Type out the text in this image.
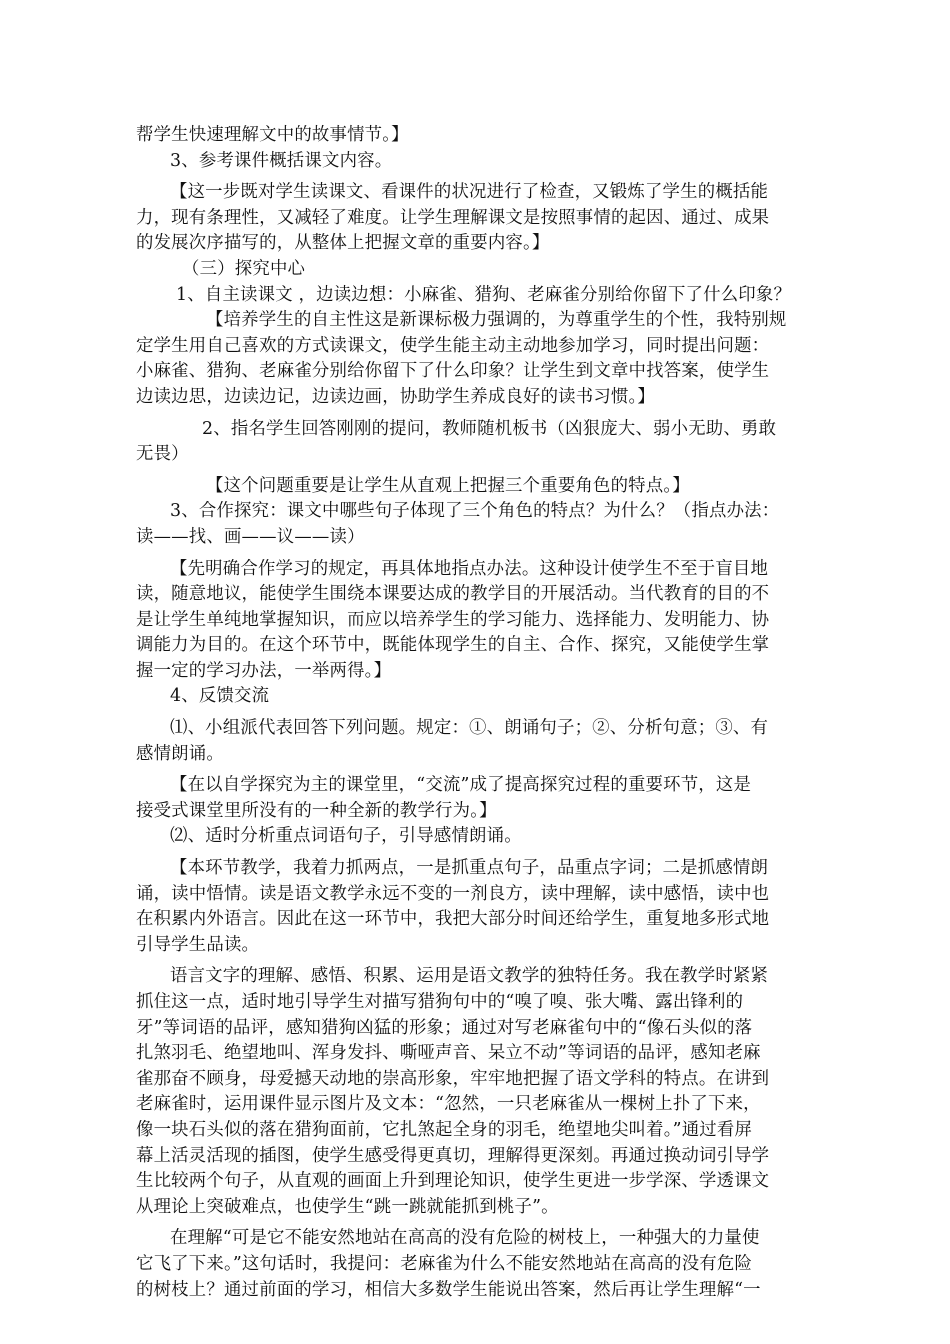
帮学生快速理解文中的故事情节。】
3、参考课件概括课文内容。
【这一步既对学生读课文、看课件的状况进行了检查，又锻炼了学生的概括能
力，现有条理性，又减轻了难度。让学生理解课文是按照事情的起因、通过、成果
的发展次序描写的，从整体上把握文章的重要内容。】
（三）探究中心
1、自主读课文 ，边读边想：小麻雀、猎狗、老麻雀分别给你留下了什么印象？
【培养学生的自主性这是新课标极力强调的，为尊重学生的个性，我特别规
定学生用自己喜欢的方式读课文，使学生能主动主动地参加学习，同时提出问题：
小麻雀、猎狗、老麻雀分别给你留下了什么印象？让学生到文章中找答案，使学生
边读边思，边读边记，边读边画，协助学生养成良好的读书习惯。】
2、指名学生回答刚刚的提问，教师随机板书（凶狠庞大、弱小无助、勇敢
无畏）
【这个问题重要是让学生从直观上把握三个重要角色的特点。】
3、合作探究：课文中哪些句子体现了三个角色的特点？为什么？（指点办法：
读——找、画——议——读）
【先明确合作学习的规定，再具体地指点办法。这种设计使学生不至于盲目地
读，随意地议，能使学生围绕本课要达成的教学目的开展活动。当代教育的目的不
是让学生单纯地掌握知识，而应以培养学生的学习能力、选择能力、发明能力、协
调能力为目的。在这个环节中，既能体现学生的自主、合作、探究，又能使学生掌
握一定的学习办法，一举两得。】
4、反馈交流
⑴、小组派代表回答下列问题。规定：①、朗诵句子；②、分析句意；③、有
感情朗诵。
【在以自学探究为主的课堂里，“交流”成了提高探究过程的重要环节，这是
接受式课堂里所没有的一种全新的教学行为。】
⑵、适时分析重点词语句子，引导感情朗诵。
【本环节教学，我着力抓两点，一是抓重点句子，品重点字词；二是抓感情朗
诵，读中悟情。读是语文教学永远不变的一剂良方，读中理解，读中感悟，读中也
在积累内外语言。因此在这一环节中，我把大部分时间还给学生，重复地多形式地
引导学生品读。
语言文字的理解、感悟、积累、运用是语文教学的独特任务。我在教学时紧紧
抓住这一点，适时地引导学生对描写猎狗句中的“嗅了嗅、张大嘴、露出锋利的
牙”等词语的品评，感知猎狗凶猛的形象；通过对写老麻雀句中的“像石头似的落
扎煞羽毛、绝望地叫、浑身发抖、嘶哑声音、呆立不动”等词语的品评，感知老麻
雀那奋不顾身，母爱撼天动地的崇高形象，牢牢地把握了语文学科的特点。在讲到
老麻雀时，运用课件显示图片及文本：“忽然，一只老麻雀从一棵树上扑了下来，
像一块石头似的落在猎狗面前，它扎煞起全身的羽毛，绝望地尖叫着。”通过看屏
幕上活灵活现的插图，使学生感受得更真切，理解得更深刻。再通过换动词引导学
生比较两个句子，从直观的画面上升到理论知识，使学生更进一步学深、学透课文
从理论上突破难点，也使学生“跳一跳就能抓到桃子”。
在理解“可是它不能安然地站在高高的没有危险的树枝上，一种强大的力量使
它飞了下来。”这句话时，我提问：老麻雀为什么不能安然地站在高高的没有危险
的树枝上？通过前面的学习，相信大多数学生能说出答案，然后再让学生理解“一
